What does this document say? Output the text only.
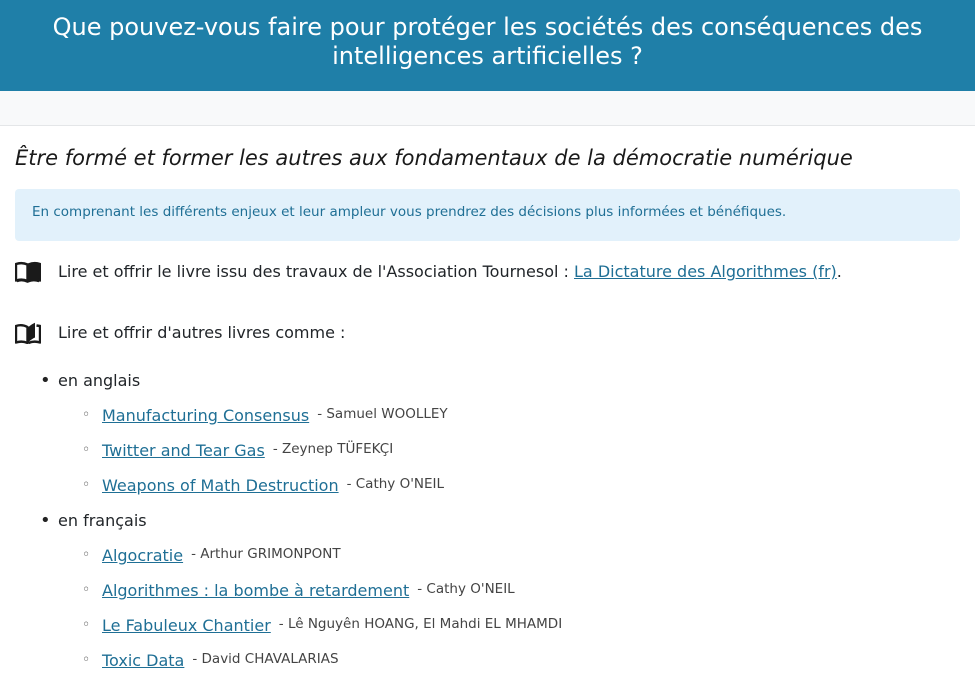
Que pouvez-vous faire pour protéger les sociétés des conséquences des
intelligences artificielles ?
Être formé et former les autres aux fondamentaux de la démocratie numérique
En comprenant les différents enjeux et leur ampleur vous prendrez des décisions plus informées et bénéfiques.
Lire et offrir le livre issu des travaux de l'Association Tournesol : La Dictature des Algorithmes (fr).
Lire et offrir d'autres livres comme :
• en anglais
◦ Manufacturing Consensus - Samuel WOOLLEY
◦ Twitter and Tear Gas - Zeynep TÜFEKÇI
◦ Weapons of Math Destruction - Cathy O'NEIL
• en français
◦ Algocratie - Arthur GRIMONPONT
◦ Algorithmes : la bombe à retardement - Cathy O'NEIL
◦ Le Fabuleux Chantier - Lê Nguyên HOANG, El Mahdi EL MHAMDI
◦ Toxic Data - David CHAVALARIAS
